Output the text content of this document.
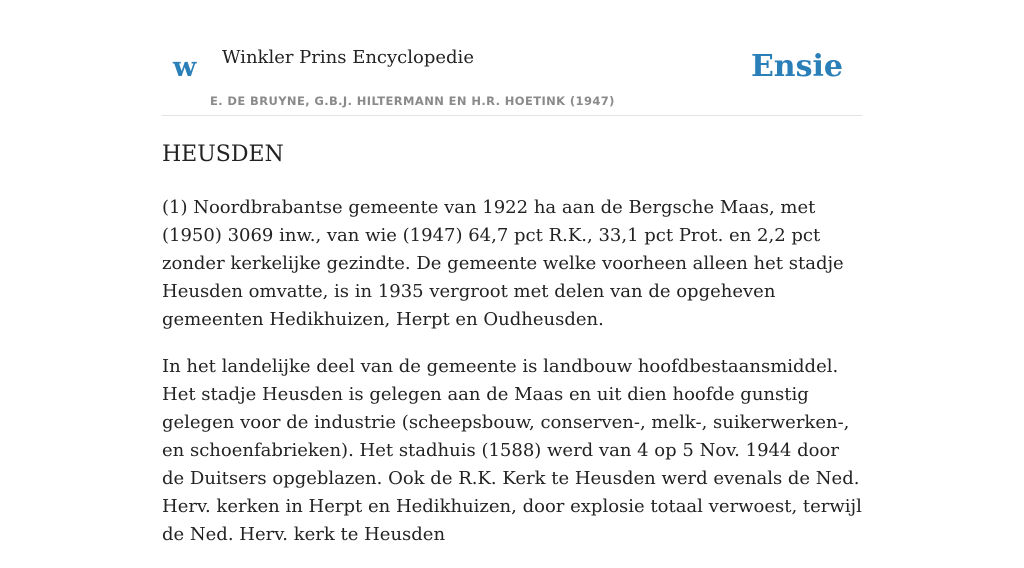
w Winkler Prins Encyclopedie
E. DE BRUYNE, G.B.J. HILTERMANN EN H.R. HOETINK (1947)
Ensie
HEUSDEN

(1) Noordbrabantse gemeente van 1922 ha aan de Bergsche Maas, met (1950) 3069 inw., van wie (1947) 64,7 pct R.K., 33,1 pct Prot. en 2,2 pct zonder kerkelijke gezindte. De gemeente welke voorheen alleen het stadje Heusden omvatte, is in 1935 vergroot met delen van de opgeheven gemeenten Hedikhuizen, Herpt en Oudheusden.

In het landelijke deel van de gemeente is landbouw hoofdbestaansmiddel. Het stadje Heusden is gelegen aan de Maas en uit dien hoofde gunstig gelegen voor de industrie (scheepsbouw, conserven-, melk-, suikerwerken-, en schoenfabrieken). Het stadhuis (1588) werd van 4 op 5 Nov. 1944 door de Duitsers opgeblazen. Ook de R.K. Kerk te Heusden werd evenals de Ned. Herv. kerken in Herpt en Hedikhuizen, door explosie totaal verwoest, terwijl de Ned. Herv. kerk te Heusden
